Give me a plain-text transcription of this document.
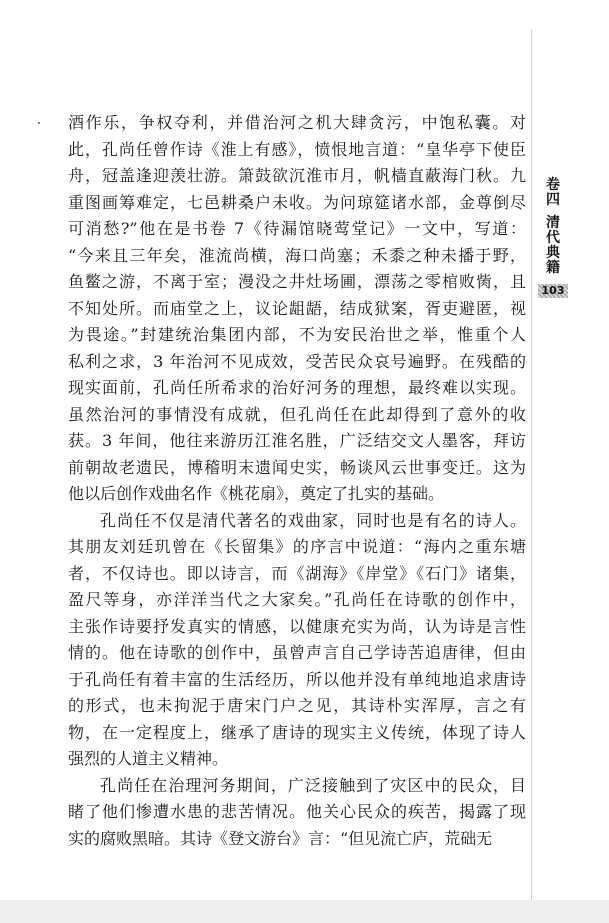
卷
四
清
代
典
籍
103
酒作乐，争权夺利，并借治河之机大肆贪污，中饱私囊。对
此，孔尚任曾作诗《淮上有感》，愤恨地言道：“皇华亭下使臣
舟，冠盖逢迎羡壮游。箫鼓欲沉淮市月，帆樯直蔽海门秋。九
重图画筹难定，七邑耕桑户未收。为问琼筵诸水部，金尊倒尽
可消愁?”他在是书卷 7《待漏馆晓莺堂记》一文中，写道：
“今来且三年矣，淮流尚横，海口尚塞；禾黍之种未播于野，
鱼鳖之游，不离于室；漫没之井灶场圃，漂荡之零棺败胔，且
不知处所。而庙堂之上，议论龃龉，结成狱案，胥吏避匿，视
为畏途。”封建统治集团内部，不为安民治世之举，惟重个人
私利之求，3 年治河不见成效，受苦民众哀号遍野。在残酷的
现实面前，孔尚任所希求的治好河务的理想，最终难以实现。
虽然治河的事情没有成就，但孔尚任在此却得到了意外的收
获。3 年间，他往来游历江淮名胜，广泛结交文人墨客，拜访
前朝故老遗民，博稽明末遗闻史实，畅谈风云世事变迁。这为
他以后创作戏曲名作《桃花扇》，奠定了扎实的基础。
孔尚任不仅是清代著名的戏曲家，同时也是有名的诗人。
其朋友刘廷玑曾在《长留集》的序言中说道：“海内之重东塘
者，不仅诗也。即以诗言，而《湖海》《岸堂》《石门》诸集，
盈尺等身，亦洋洋当代之大家矣。”孔尚任在诗歌的创作中，
主张作诗要抒发真实的情感，以健康充实为尚，认为诗是言性
情的。他在诗歌的创作中，虽曾声言自己学诗苦追唐律，但由
于孔尚任有着丰富的生活经历，所以他并没有单纯地追求唐诗
的形式，也未拘泥于唐宋门户之见，其诗朴实浑厚，言之有
物，在一定程度上，继承了唐诗的现实主义传统，体现了诗人
强烈的人道主义精神。
孔尚任在治理河务期间，广泛接触到了灾区中的民众，目
睹了他们惨遭水患的悲苦情况。他关心民众的疾苦，揭露了现
实的腐败黑暗。其诗《登文游台》言：“但见流亡庐，荒础无
